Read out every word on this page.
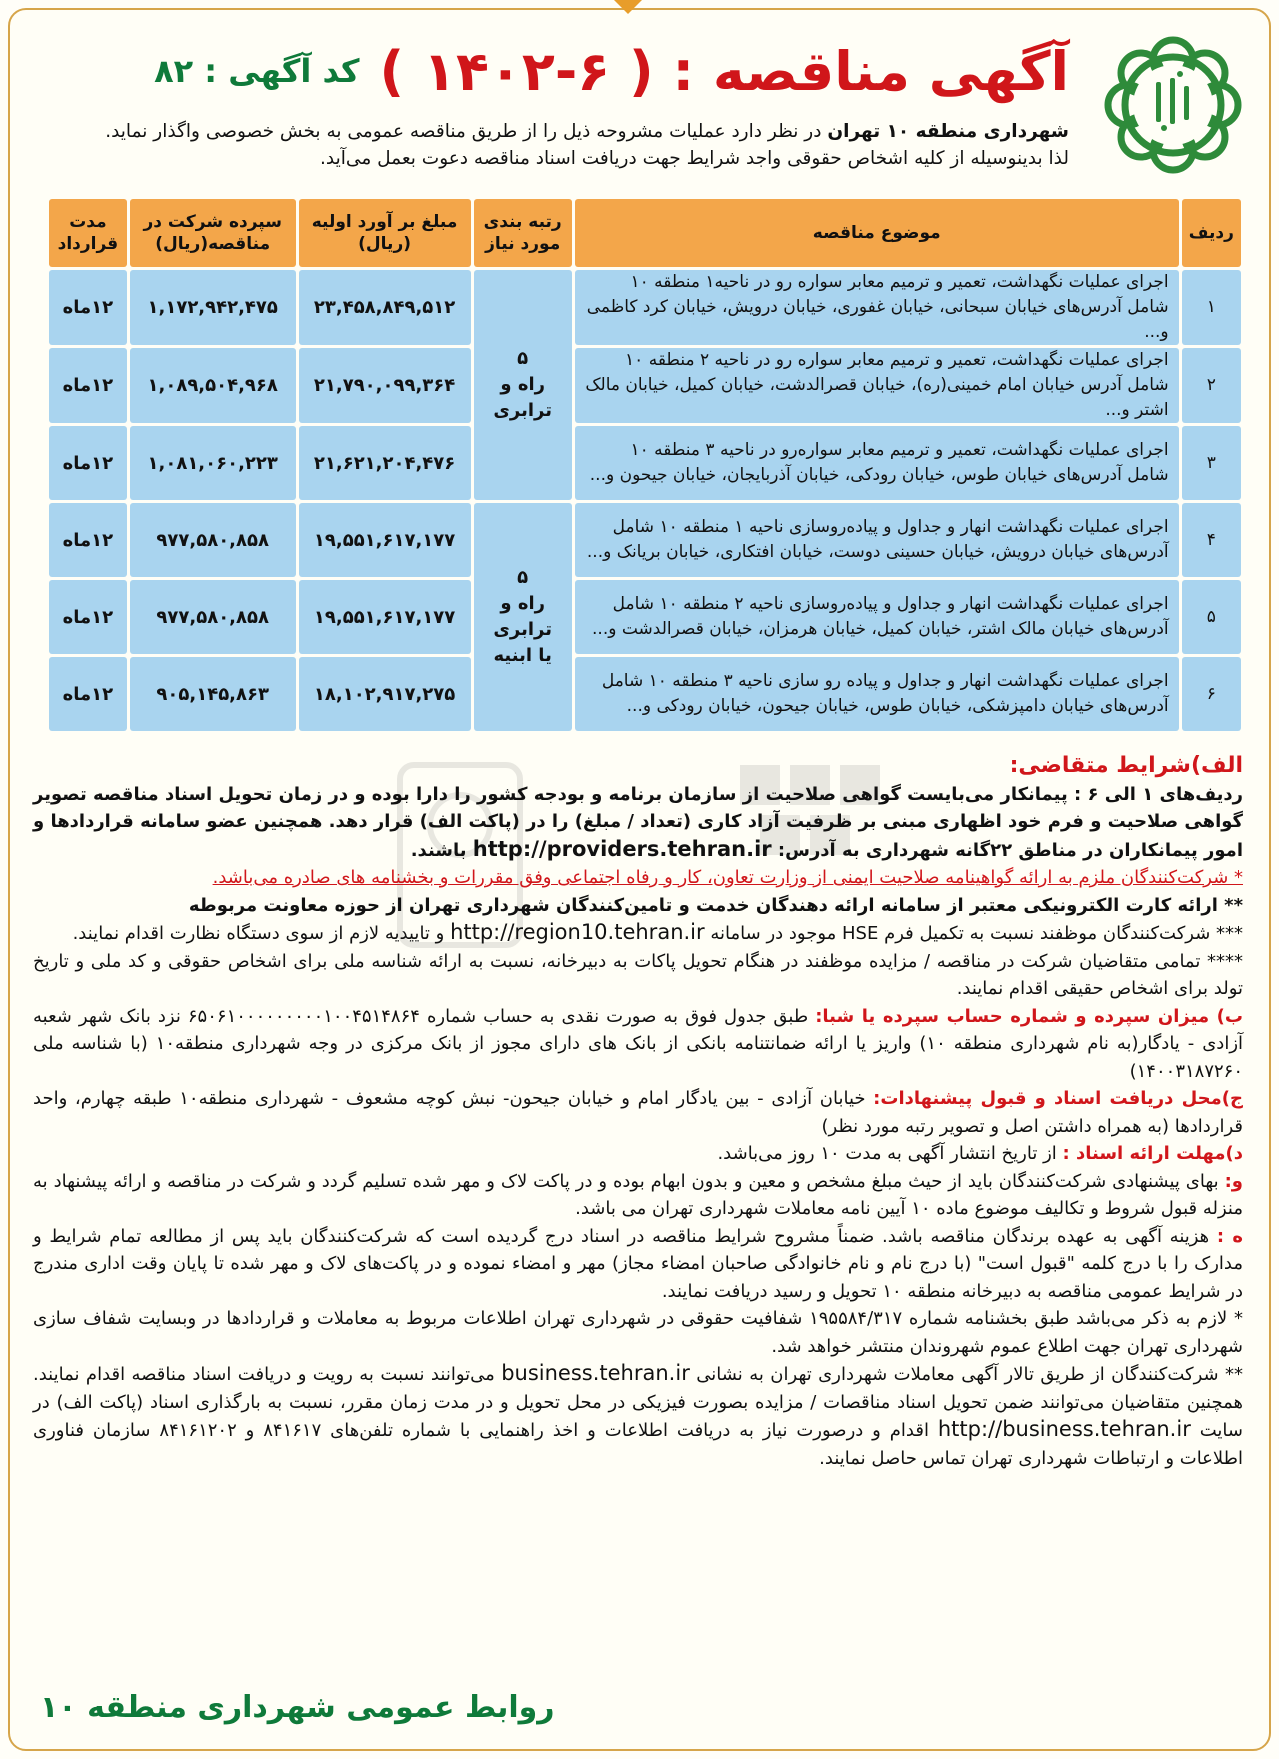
آگهی مناقصه : ( ۶-۱۴۰۲ )
کد آگهی : ۸۲
شهرداری منطقه ۱۰ تهران در نظر دارد عملیات مشروحه ذیل را از طریق مناقصه عمومی به بخش خصوصی واگذار نماید.
لذا بدینوسیله از کلیه اشخاص حقوقی واجد شرایط جهت دریافت اسناد مناقصه دعوت بعمل می‌آید.
ردیف	موضوع مناقصه	رتبه بندی مورد نیاز	مبلغ بر آورد اولیه (ریال)	سپرده شرکت در مناقصه(ریال)	مدت قرارداد
۱	اجرای عملیات نگهداشت، تعمیر و ترمیم معابر سواره رو در ناحیه۱ منطقه ۱۰ شامل آدرس‌های خیابان سبحانی، خیابان غفوری، خیابان درویش، خیابان کرد کاظمی و...	۵
راه و
ترابری	۲۳,۴۵۸,۸۴۹,۵۱۲	۱,۱۷۲,۹۴۲,۴۷۵	۱۲ماه
۲	اجرای عملیات نگهداشت، تعمیر و ترمیم معابر سواره رو در ناحیه ۲ منطقه ۱۰ شامل آدرس خیابان امام خمینی(ره)، خیابان قصرالدشت، خیابان کمیل، خیابان مالک اشتر و...		۲۱,۷۹۰,۰۹۹,۳۶۴	۱,۰۸۹,۵۰۴,۹۶۸	۱۲ماه
۳	اجرای عملیات نگهداشت، تعمیر و ترمیم معابر سواره‌رو در ناحیه ۳ منطقه ۱۰ شامل آدرس‌های خیابان طوس، خیابان رودکی، خیابان آذربایجان، خیابان جیحون و...		۲۱,۶۲۱,۲۰۴,۴۷۶	۱,۰۸۱,۰۶۰,۲۲۳	۱۲ماه
۴	اجرای عملیات نگهداشت انهار و جداول و پیاده‌روسازی ناحیه ۱ منطقه ۱۰ شامل آدرس‌های خیابان درویش، خیابان حسینی دوست، خیابان افتکاری، خیابان بریانک و...	۵
راه و
ترابری
یا ابنیه	۱۹,۵۵۱,۶۱۷,۱۷۷	۹۷۷,۵۸۰,۸۵۸	۱۲ماه
۵	اجرای عملیات نگهداشت انهار و جداول و پیاده‌روسازی ناحیه ۲ منطقه ۱۰ شامل آدرس‌های خیابان مالک اشتر، خیابان کمیل، خیابان هرمزان، خیابان قصرالدشت و...		۱۹,۵۵۱,۶۱۷,۱۷۷	۹۷۷,۵۸۰,۸۵۸	۱۲ماه
۶	اجرای عملیات نگهداشت انهار و جداول و پیاده رو سازی ناحیه ۳ منطقه ۱۰ شامل آدرس‌های خیابان دامپزشکی، خیابان طوس، خیابان جیحون، خیابان رودکی و...		۱۸,۱۰۲,۹۱۷,۲۷۵	۹۰۵,۱۴۵,۸۶۳	۱۲ماه

الف)شرایط متقاضی:

ردیف‌های ۱ الی ۶ : پیمانکار می‌بایست گواهی صلاحیت از سازمان برنامه و بودجه کشور را دارا بوده و در زمان تحویل اسناد مناقصه تصویر گواهی صلاحیت و فرم خود اظهاری مبنی بر ظرفیت آزاد کاری (تعداد / مبلغ) را در (پاکت الف) قرار دهد. همچنین عضو سامانه قراردادها و امور پیمانکاران در مناطق ۲۲گانه شهرداری به آدرس: http://providers.tehran.ir باشند.

* شرکت‌کنندگان ملزم به ارائه گواهینامه صلاحیت ایمنی از وزارت تعاون، کار و رفاه اجتماعی وفق مقررات و بخشنامه های صادره می‌باشد.

** ارائه کارت الکترونیکی معتبر از سامانه ارائه دهندگان خدمت و تامین‌کنندگان شهرداری تهران از حوزه معاونت مربوطه

*** شرکت‌کنندگان موظفند نسبت به تکمیل فرم HSE موجود در سامانه http://region10.tehran.ir و تاییدیه لازم از سوی دستگاه نظارت اقدام نمایند.

**** تمامی متقاضیان شرکت در مناقصه / مزایده موظفند در هنگام تحویل پاکات به دبیرخانه، نسبت به ارائه شناسه ملی برای اشخاص حقوقی و کد ملی و تاریخ تولد برای اشخاص حقیقی اقدام نمایند.

ب) میزان سپرده و شماره حساب سپرده یا شبا: طبق جدول فوق به صورت نقدی به حساب شماره ۶۵۰۶۱۰۰۰۰۰۰۰۰۰۱۰۰۴۵۱۴۸۶۴ نزد بانک شهر شعبه آزادی - یادگار(به نام شهرداری منطقه ۱۰) واریز یا ارائه ضمانتنامه بانکی از بانک های دارای مجوز از بانک مرکزی در وجه شهرداری منطقه۱۰ (با شناسه ملی ۱۴۰۰۳۱۸۷۲۶۰)

ج)محل دریافت اسناد و قبول پیشنهادات: خیابان آزادی - بین یادگار امام و خیابان جیحون- نبش کوچه مشعوف - شهرداری منطقه۱۰ طبقه چهارم، واحد قراردادها (به همراه داشتن اصل و تصویر رتبه مورد نظر)

د)مهلت ارائه اسناد : از تاریخ انتشار آگهی به مدت ۱۰ روز می‌باشد.

و: بهای پیشنهادی شرکت‌کنندگان باید از حیث مبلغ مشخص و معین و بدون ابهام بوده و در پاکت لاک و مهر شده تسلیم گردد و شرکت در مناقصه و ارائه پیشنهاد به منزله قبول شروط و تکالیف موضوع ماده ۱۰ آیین نامه معاملات شهرداری تهران می باشد.

ه : هزینه آگهی به عهده برندگان مناقصه باشد. ضمناً مشروح شرایط مناقصه در اسناد درج گردیده است که شرکت‌کنندگان باید پس از مطالعه تمام شرایط و مدارک را با درج کلمه "قبول است" (با درج نام و نام خانوادگی صاحبان امضاء مجاز) مهر و امضاء نموده و در پاکت‌های لاک و مهر شده تا پایان وقت اداری مندرج در شرایط عمومی مناقصه به دبیرخانه منطقه ۱۰ تحویل و رسید دریافت نمایند.

* لازم به ذکر می‌باشد طبق بخشنامه شماره ۱۹۵۵۸۴/۳۱۷ شفافیت حقوقی در شهرداری تهران اطلاعات مربوط به معاملات و قراردادها در وبسایت شفاف سازی شهرداری تهران جهت اطلاع عموم شهروندان منتشر خواهد شد.

** شرکت‌کنندگان از طریق تالار آگهی معاملات شهرداری تهران به نشانی business.tehran.ir می‌توانند نسبت به رویت و دریافت اسناد مناقصه اقدام نمایند. همچنین متقاضیان می‌توانند ضمن تحویل اسناد مناقصات / مزایده بصورت فیزیکی در محل تحویل و در مدت زمان مقرر، نسبت به بارگذاری اسناد (پاکت الف) در سایت http://business.tehran.ir اقدام و درصورت نیاز به دریافت اطلاعات و اخذ راهنمایی با شماره تلفن‌های ۸۴۱۶۱۷ و ۸۴۱۶۱۲۰۲ سازمان فناوری اطلاعات و ارتباطات شهرداری تهران تماس حاصل نمایند.

روابط عمومی شهرداری منطقه ۱۰
